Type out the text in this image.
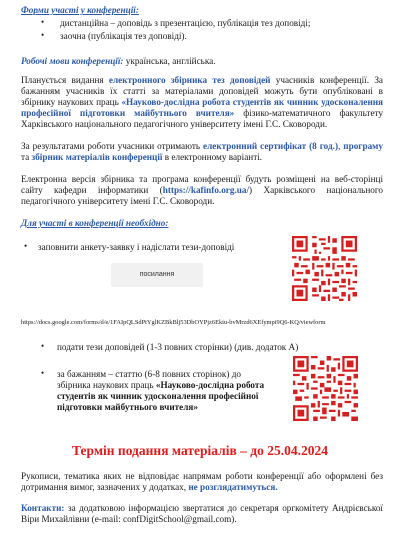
Форми участі у конференції:
• дистанційна – доповідь з презентацією, публікація тез доповіді;
• заочна (публікація тез доповіді).
Робочі мови конференції: українська, англійська.
Планується видання електронного збірника тез доповідей учасників конференції. За бажанням учасників їх статті за матеріалами доповідей можуть бути опубліковані в збірнику наукових праць «Науково-дослідна робота студентів як чинник удосконалення професійної підготовки майбутнього вчителя» фізико-математичного факультету Харківського національного педагогічного університету імені Г.С. Сковороди.
За результатами роботи учасники отримають електронний сертифікат (8 год.), програму та збірник матеріалів конференції в електронному варіанті.
Електронна версія збірника та програма конференції будуть розміщені на веб-сторінці сайту кафедри інформатики (https://kafinfo.org.ua/) Харківського національного педагогічного університету імені Г.С. Сковороди.
Для участі в конференції необхідно:
• заповнити анкету-заявку і надіслати тези-доповіді
посилання
https://docs.google.com/forms/d/e/1FAIpQLSdPtYglKZBkBlj53DbOYPjz6Ekiu-bvMrzd6XEfympi9Q6-KQ/viewform
• подати тези доповідей (1-3 повних сторінки) (див. додаток А)
• за бажанням – статтю (6-8 повних сторінок) до збірника наукових праць «Науково-дослідна робота студентів як чинник удосконалення професійної підготовки майбутнього вчителя»
Термін подання матеріалів – до 25.04.2024
Рукописи, тематика яких не відповідає напрямам роботи конференції або оформлені без дотримання вимог, зазначених у додатках, не розглядатимуться.
Контакти: за додатковою інформацією звертатися до секретаря оргкомітету Андрієвської Віри Михайлівни (e-mail: confDigitSchool@gmail.com).
